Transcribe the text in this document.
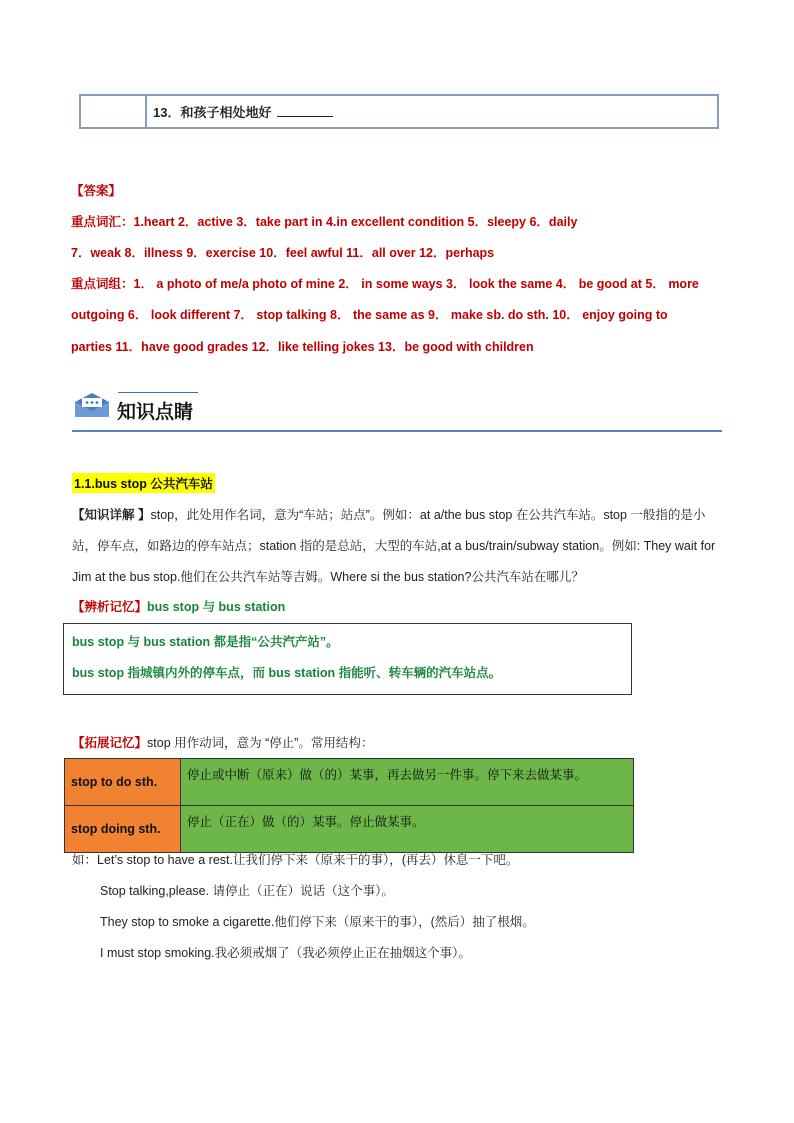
13．和孩子相处地好
【答案】
重点词汇：1.heart 2．active 3．take part in 4.in excellent condition 5．sleepy 6．daily
7．weak 8．illness 9．exercise 10．feel awful 11．all over 12．perhaps
重点词组：1． a photo of me/a photo of mine 2． in some ways 3． look the same 4． be good at 5． more
outgoing 6． look different 7． stop talking 8． the same as 9． make sb. do sth. 10． enjoy going to
parties 11．have good grades 12．like telling jokes 13．be good with children
知识点睛
1.1.bus stop 公共汽车站
【知识详解 】stop，此处用作名词，意为“车站；站点”。例如：at a/the bus stop 在公共汽车站。stop 一般指的是小站，停车点，如路边的停车站点；station 指的是总站，大型的车站,at a bus/train/subway station。例如: They wait for Jim at the bus stop.他们在公共汽车站等吉姆。Where si the bus station?公共汽车站在哪儿？
【辨析记忆】bus stop 与 bus station
bus stop 与 bus station 都是指“公共汽产站”。
bus stop 指城镇内外的停车点，而 bus station 指能听、转车辆的汽车站点。
【拓展记忆】stop 用作动词，意为 “停止”。常用结构：
stop to do sth.	停止或中断（原来）做（的）某事，再去做另一件事。停下来去做某事。
stop doing sth.	停止（正在）做（的）某事。停止做某事。
如：Let’s stop to have a rest.让我们停下来（原来干的事），(再去）休息一下吧。
Stop talking,please. 请停止（正在）说话（这个事）。
They stop to smoke a cigarette.他们停下来（原来干的事），(然后）抽了根烟。
I must stop smoking.我必须戒烟了（我必须停止正在抽烟这个事）。
